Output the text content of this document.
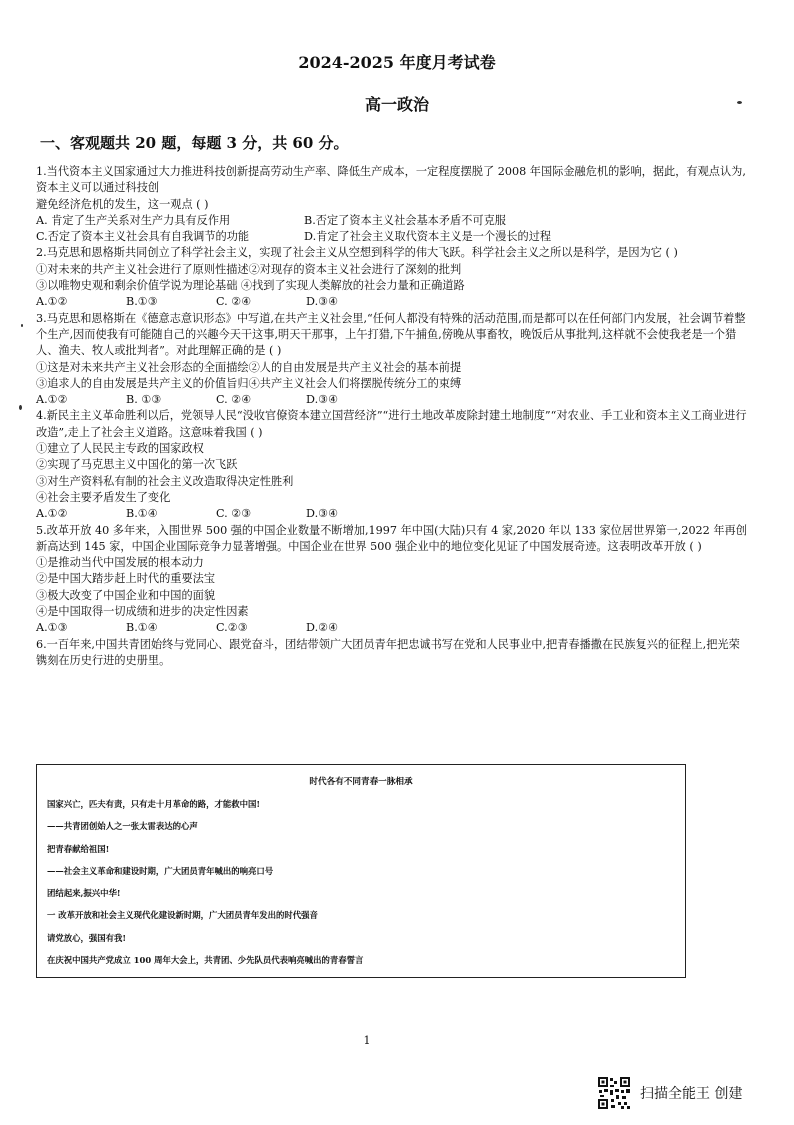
2024-2025 年度月考试卷
高一政治
一、客观题共 20 题，每题 3 分，共 60 分。

1.当代资本主义国家通过大力推进科技创新提高劳动生产率、降低生产成本，一定程度摆脱了 2008 年国际金融危机的影响，据此，有观点认为,资本主义可以通过科技创

避免经济危机的发生，这一观点 ( )

A. 肯定了生产关系对生产力具有反作用	B.否定了资本主义社会基本矛盾不可克服
C.否定了资本主义社会具有自我调节的功能	D.肯定了社会主义取代资本主义是一个漫长的过程

2.马克思和恩格斯共同创立了科学社会主义，实现了社会主义从空想到科学的伟大飞跃。科学社会主义之所以是科学，是因为它 ( )

①对未来的共产主义社会进行了原则性描述②对现存的资本主义社会进行了深刻的批判

③以唯物史观和剩余价值学说为理论基础 ④找到了实现人类解放的社会力量和正确道路

A.①②	B.①③	C. ②④	D.③④

3.马克思和恩格斯在《德意志意识形态》中写道,在共产主义社会里,“任何人都没有特殊的活动范围,而是都可以在任何部门内发展，社会调节着整个生产,因而使我有可能随自己的兴趣今天干这事,明天干那事，上午打猎,下午捕鱼,傍晚从事畜牧，晚饭后从事批判,这样就不会使我老是一个猎人、渔夫、牧人或批判者”。对此理解正确的是 ( )

①这是对未来共产主义社会形态的全面描绘②人的自由发展是共产主义社会的基本前提

③追求人的自由发展是共产主义的价值旨归④共产主义社会人们将摆脱传统分工的束缚

A.①②	B. ①③	C. ②④	D.③④

4.新民主主义革命胜利以后，党领导人民“没收官僚资本建立国营经济”“进行土地改革废除封建土地制度”“对农业、手工业和资本主义工商业进行改造”,走上了社会主义道路。这意味着我国 ( )

①建立了人民民主专政的国家政权

②实现了马克思主义中国化的第一次飞跃

③对生产资料私有制的社会主义改造取得决定性胜利

④社会主要矛盾发生了变化

A.①②	B.①④	C. ②③	D.③④

5.改革开放 40 多年来，入围世界 500 强的中国企业数量不断增加,1997 年中国(大陆)只有 4 家,2020 年以 133 家位居世界第一,2022 年再创新高达到 145 家，中国企业国际竞争力显著增强。中国企业在世界 500 强企业中的地位变化见证了中国发展奇迹。这表明改革开放 ( )

①是推动当代中国发展的根本动力

②是中国大踏步赶上时代的重要法宝

③极大改变了中国企业和中国的面貌

④是中国取得一切成绩和进步的决定性因素

A.①③	B.①④	C.②③	D.②④

6.一百年来,中国共青团始终与党同心、跟党奋斗，团结带领广大团员青年把忠诚书写在党和人民事业中,把青春播撒在民族复兴的征程上,把光荣镌刻在历史行进的史册里。

时代各有不同青春一脉相承

国家兴亡，匹夫有责，只有走十月革命的路，才能救中国!

——共青团创始人之一张太雷表达的心声

把青春献给祖国!

——社会主义革命和建设时期，广大团员青年喊出的响亮口号

团结起来,振兴中华!

一 改革开放和社会主义现代化建设新时期，广大团员青年发出的时代强音

请党放心，强国有我!

在庆祝中国共产党成立 100 周年大会上，共青团、少先队员代表响亮喊出的青春誓言

1
扫描全能王 创建
